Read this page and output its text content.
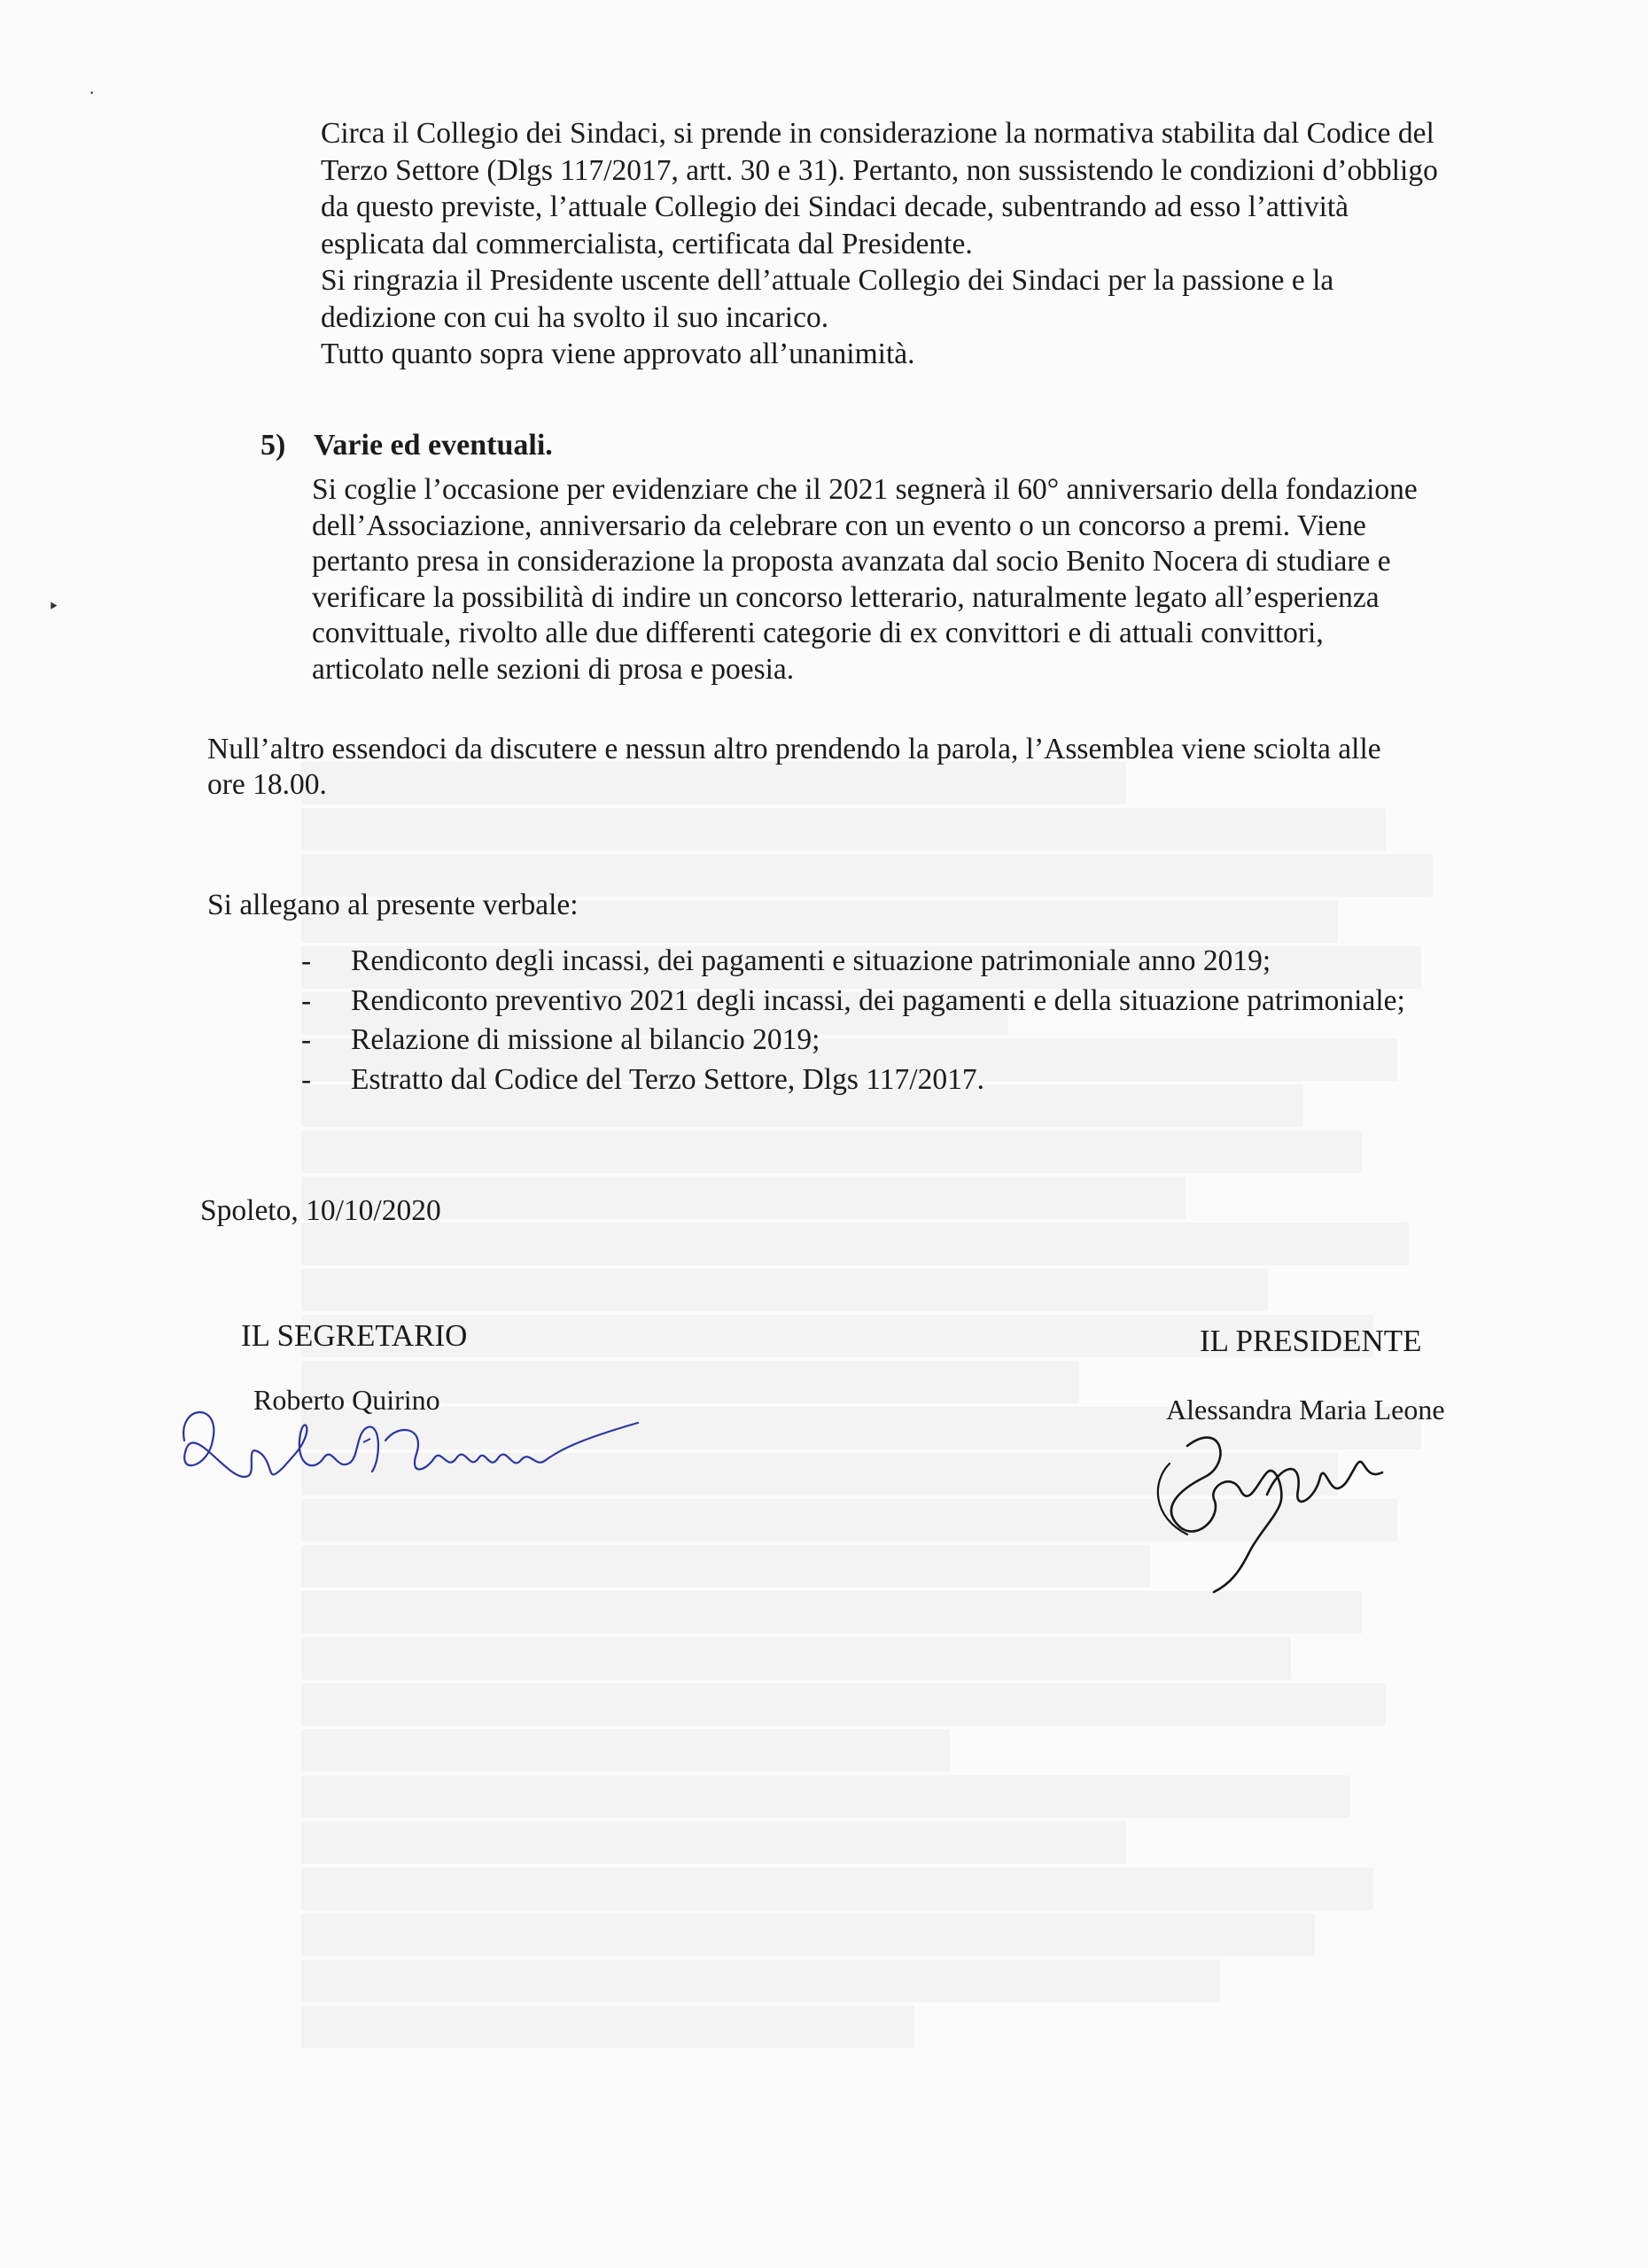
·
‣
Circa il Collegio dei Sindaci, si prende in considerazione la normativa stabilita dal Codice del
Terzo Settore (Dlgs 117/2017, artt. 30 e 31). Pertanto, non sussistendo le condizioni d’obbligo
da questo previste, l’attuale Collegio dei Sindaci decade, subentrando ad esso l’attività
esplicata dal commercialista, certificata dal Presidente.
Si ringrazia il Presidente uscente dell’attuale Collegio dei Sindaci per la passione e la
dedizione con cui ha svolto il suo incarico.
Tutto quanto sopra viene approvato all’unanimità.
5) Varie ed eventuali.
Si coglie l’occasione per evidenziare che il 2021 segnerà il 60° anniversario della fondazione
dell’Associazione, anniversario da celebrare con un evento o un concorso a premi. Viene
pertanto presa in considerazione la proposta avanzata dal socio Benito Nocera di studiare e
verificare la possibilità di indire un concorso letterario, naturalmente legato all’esperienza
convittuale, rivolto alle due differenti categorie di ex convittori e di attuali convittori,
articolato nelle sezioni di prosa e poesia.
Null’altro essendoci da discutere e nessun altro prendendo la parola, l’Assemblea viene sciolta alle
ore 18.00.
Si allegano al presente verbale:
- Rendiconto degli incassi, dei pagamenti e situazione patrimoniale anno 2019;
- Rendiconto preventivo 2021 degli incassi, dei pagamenti e della situazione patrimoniale;
- Relazione di missione al bilancio 2019;
- Estratto dal Codice del Terzo Settore, Dlgs 117/2017.
Spoleto, 10/10/2020
IL SEGRETARIO
Roberto Quirino
IL PRESIDENTE
Alessandra Maria Leone
